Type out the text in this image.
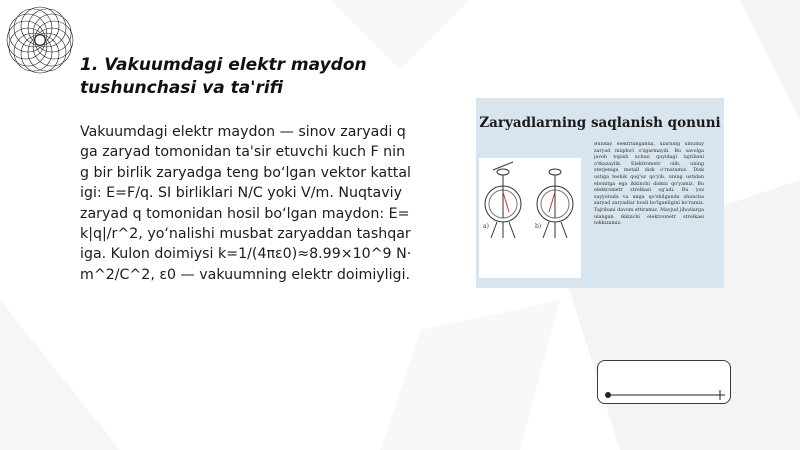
1. Vakuumdagi elektr maydon tushunchasi va ta'rifi
Vakuumdagi elektr maydon — sinov zaryadi q ga zaryad tomonidan ta'sir etuvchi kuch F ning bir birlik zaryadga teng bo‘lgan vektor kattaligi: E=F/q. SI birliklari N/C yoki V/m. Nuqtaviy zaryad q tomonidan hosil bo‘lgan maydon: E=k|q|/r^2, yo‘nalishi musbat zaryaddan tashqariga. Kulon doimiysi k=1/(4πε0)≈8.99×10^9 N·m^2/C^2, ε0 — vakuumning elektr doimiyligi.
Zaryadlarning saqlanish qonuni
a)	b)
Bunday elektrlanganda, ularning umumiy zaryad miqdori o'zgarmaydi. Bu savolga javob topish uchun quyidagi tajribani o'tkazaylik. Elektrometr olib, uning sterjeniga metall disk o'rnatamiz. Disk ustiga teshik qog'oz qo'yib, uning ustidan ebonitga ega ikkinchi diskni qo'yamiz. Bu elektrometr strelkasi og'adi. Bu yoz sayyorada va unga qo'shilganda shuncha zaryad zaryadlar hosil bo'lganligini ko'ramiz. Tajribani davom ettiramiz. Mavjud jihozlarga ulangan ikkinchi elektrometr strelkasi tekkizamiz.
